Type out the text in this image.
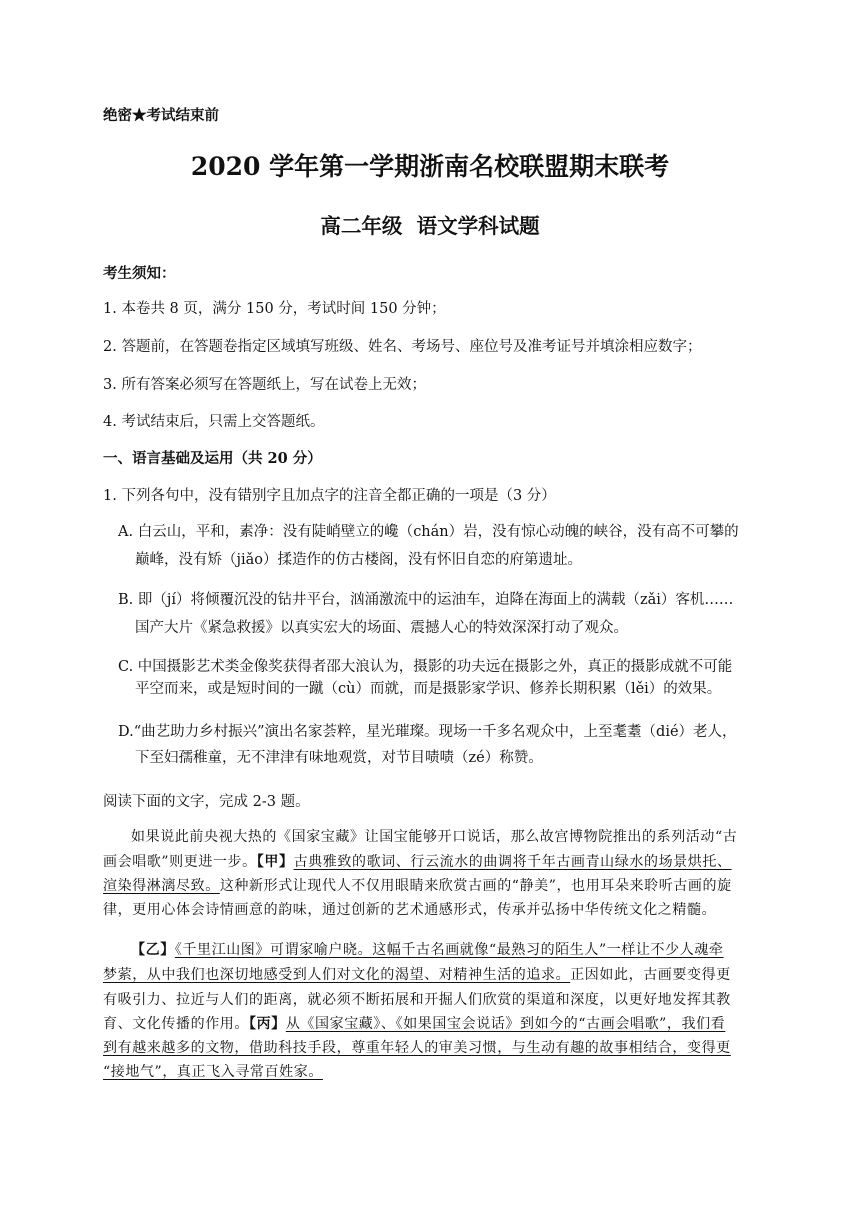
绝密★考试结束前
2020 学年第一学期浙南名校联盟期末联考
高二年级  语文学科试题
考生须知：
1. 本卷共 8 页，满分 150 分，考试时间 150 分钟；
2. 答题前，在答题卷指定区域填写班级、姓名、考场号、座位号及准考证号并填涂相应数字；
3. 所有答案必须写在答题纸上，写在试卷上无效；
4. 考试结束后，只需上交答题纸。
一、语言基础及运用（共 20 分）
1. 下列各句中，没有错别字且加点字的注音全都正确的一项是（3 分）
A. 白云山，平和，素净：没有陡峭壁立的巉（chán）岩，没有惊心动魄的峡谷，没有高不可攀的
巅峰，没有矫（jiǎo）揉造作的仿古楼阁，没有怀旧自恋的府第遗址。
B. 即（jí）将倾覆沉没的钻井平台，汹涌激流中的运油车，迫降在海面上的满载（zǎi）客机……
国产大片《紧急救援》以真实宏大的场面、震撼人心的特效深深打动了观众。
C. 中国摄影艺术类金像奖获得者邵大浪认为，摄影的功夫远在摄影之外，真正的摄影成就不可能
平空而来，或是短时间的一蹴（cù）而就，而是摄影家学识、修养长期积累（lěi）的效果。
D.“曲艺助力乡村振兴”演出名家荟粹，星光璀璨。现场一千多名观众中，上至耄耋（dié）老人，
下至妇孺稚童，无不津津有味地观赏，对节目啧啧（zé）称赞。
阅读下面的文字，完成 2-3 题。
如果说此前央视大热的《国家宝藏》让国宝能够开口说话，那么故宫博物院推出的系列活动“古
画会唱歌”则更进一步。【甲】古典雅致的歌词、行云流水的曲调将千年古画青山绿水的场景烘托、
渲染得淋漓尽致。这种新形式让现代人不仅用眼睛来欣赏古画的“静美”，也用耳朵来聆听古画的旋
律，更用心体会诗情画意的韵味，通过创新的艺术通感形式，传承并弘扬中华传统文化之精髓。
【乙】《千里江山图》可谓家喻户晓。这幅千古名画就像“最熟习的陌生人”一样让不少人魂牵
梦萦，从中我们也深切地感受到人们对文化的渴望、对精神生活的追求。正因如此，古画要变得更
有吸引力、拉近与人们的距离，就必须不断拓展和开掘人们欣赏的渠道和深度，以更好地发挥其教
育、文化传播的作用。【丙】从《国家宝藏》、《如果国宝会说话》到如今的“古画会唱歌”，我们看
到有越来越多的文物，借助科技手段，尊重年轻人的审美习惯，与生动有趣的故事相结合，变得更
“接地气”，真正飞入寻常百姓家。
